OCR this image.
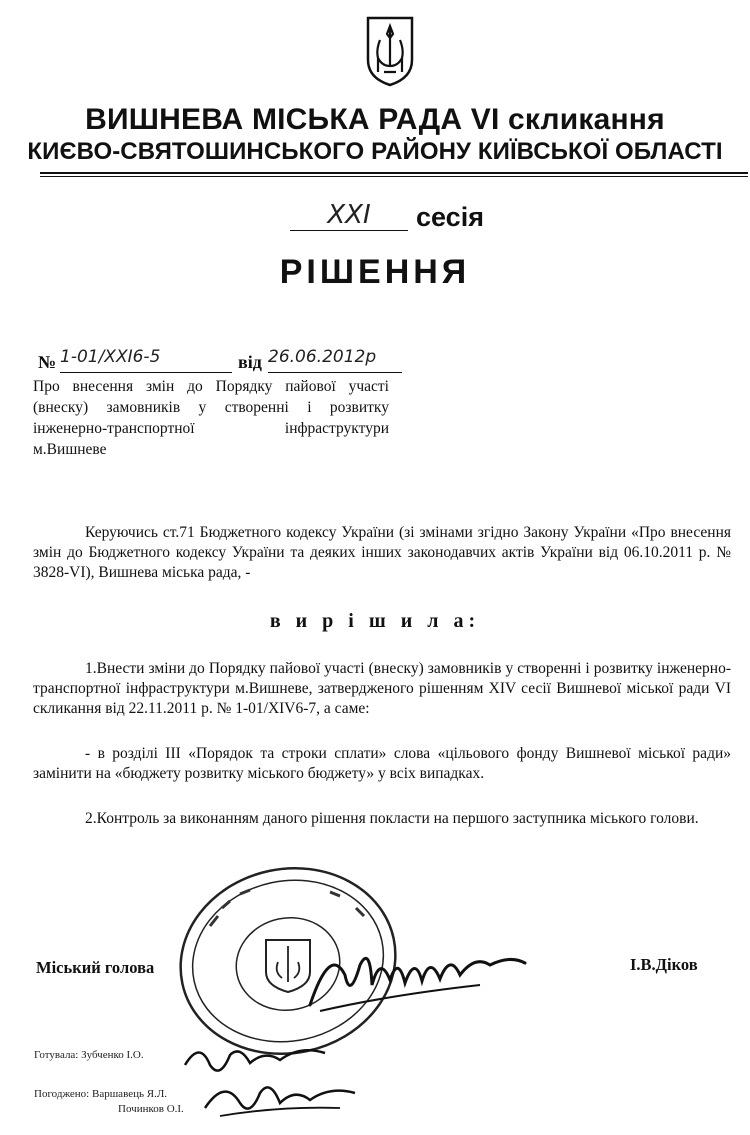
ВИШНЕВА МІСЬКА РАДА VI скликання
КИЄВО-СВЯТОШИНСЬКОГО РАЙОНУ КИЇВСЬКОЇ ОБЛАСТІ
XXI	сесія
РІШЕННЯ
№ 1-01/XXI6-5	від 26.06.2012р
Про внесення змін до Порядку пайової участі
(внеску) замовників у створенні і розвитку
інженерно-транспортної інфраструктури
м.Вишневе
Керуючись ст.71 Бюджетного кодексу України (зі змінами згідно Закону України «Про внесення змін до Бюджетного кодексу України та деяких інших законодавчих актів України від 06.10.2011 р. № 3828-VI), Вишнева міська рада, -
в и р і ш и л а:
1.Внести зміни до Порядку пайової участі (внеску) замовників у створенні і розвитку інженерно-транспортної інфраструктури м.Вишневе, затвердженого рішенням XIV сесії Вишневої міської ради VI скликання від 22.11.2011 р. № 1-01/XIV6-7, а саме:
- в розділі III «Порядок та строки сплати» слова «цільового фонду Вишневої міської ради» замінити на «бюджету розвитку міського бюджету» у всіх випадках.
2.Контроль за виконанням даного рішення покласти на першого заступника міського голови.
Міський голова	І.В.Діков
Готувала: Зубченко І.О.
Погоджено: Варшавець Я.Л.
Починков О.І.
